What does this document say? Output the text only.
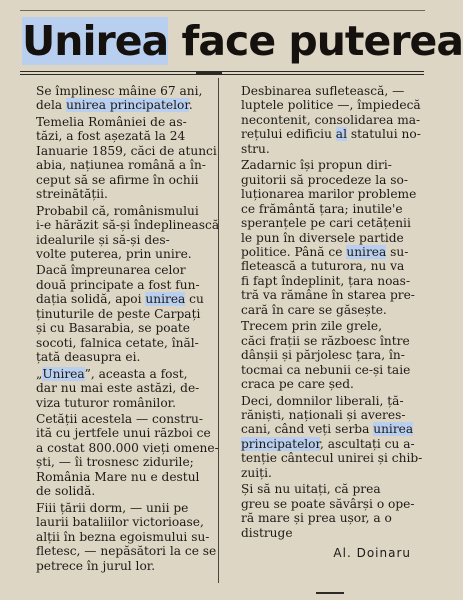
Unirea face puterea

Se împlinesc mâine 67 ani,
dela unirea principatelor.

Temelia României de as-
tăzi, a fost așezată la 24
Ianuarie 1859, căci de atunci
abia, națiunea română a în-
ceput să se afirme în ochii
streinătății.

Probabil că, românismului
i-e hărăzit să-și îndeplinească
idealurile și să-și des-
volte puterea, prin unire.

Dacă împreunarea celor
două principate a fost fun-
dația solidă, apoi unirea cu
ținuturile de peste Carpați
și cu Basarabia, se poate
socoti, falnica cetate, înăl-
țată deasupra ei.

„Unirea”, aceasta a fost,
dar nu mai este astăzi, de-
viza tuturor românilor.

Cetății acestela — constru-
ită cu jertfele unui război ce
a costat 800.000 vieți omene-
ști, — îi trosnesc zidurile;
România Mare nu e destul
de solidă.

Fiii țării dorm, — unii pe
laurii bataliilor victorioase,
alții în bezna egoismului su-
fletesc, — nepăsători la ce se
petrece în jurul lor.

Desbinarea sufletească, —
luptele politice —, împiedecă
necontenit, consolidarea ma-
rețului edificiu al statului no-
stru.

Zadarnic își propun diri-
guitorii să procedeze la so-
luționarea marilor probleme
ce frământă țara; inutile'e
speranțele pe cari cetățenii
le pun în diversele partide
politice. Până ce unirea su-
fletească a tuturora, nu va
fi fapt îndeplinit, țara noas-
tră va rămâne în starea pre-
cară în care se găsește.

Trecem prin zile grele,
căci frații se războesc între
dânșii și părjolesc țara, în-
tocmai ca nebunii ce-și taie
craca pe care șed.

Deci, domnilor liberali, ță-
răniști, naționali și averes-
cani, când veți serba unirea
principatelor, ascultați cu a-
tenție cântecul unirei și chib-
zuiți.

Și să nu uitați, că prea
greu se poate săvârși o ope-
ră mare și prea ușor, a o
distruge

Al. Doinaru
